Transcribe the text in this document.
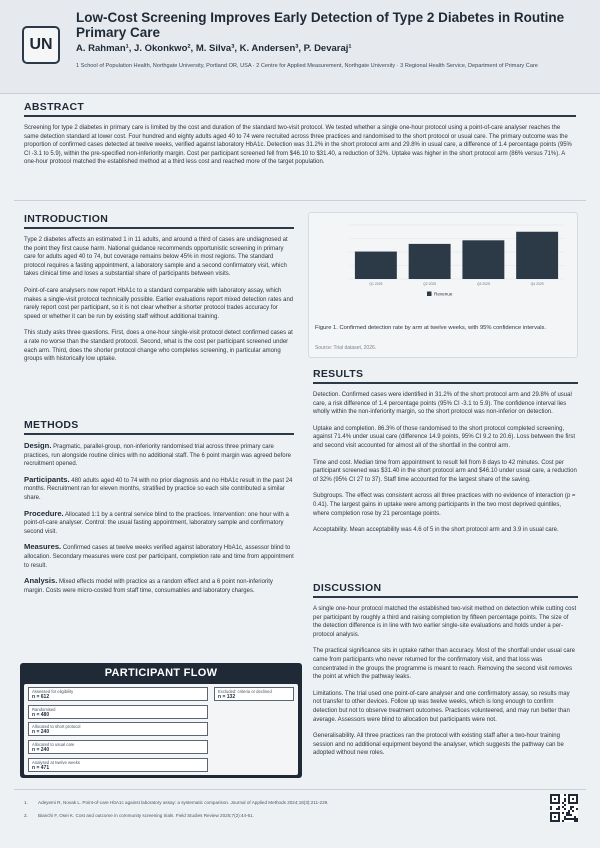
UN
Low-Cost Screening Improves Early Detection of Type 2 Diabetes in Routine Primary Care
A. Rahman¹, J. Okonkwo², M. Silva³, K. Andersen³, P. Devaraj¹
1 School of Population Health, Northgate University, Portland OR, USA · 2 Centre for Applied Measurement, Northgate University · 3 Regional Health Service, Department of Primary Care
ABSTRACT
Screening for type 2 diabetes in primary care is limited by the cost and duration of the standard two-visit protocol. We tested whether a single one-hour protocol using a point-of-care analyser reaches the same detection standard at lower cost. Four hundred and eighty adults aged 40 to 74 were recruited across three practices and randomised to the short protocol or usual care. The primary outcome was the proportion of confirmed cases detected at twelve weeks, verified against laboratory HbA1c. Detection was 31.2% in the short protocol arm and 29.8% in usual care, a difference of 1.4 percentage points (95% CI -3.1 to 5.9), within the pre-specified non-inferiority margin. Cost per participant screened fell from $46.10 to $31.40, a reduction of 32%. Uptake was higher in the short protocol arm (86% versus 71%). A one-hour protocol matched the established method at a third less cost and reached more of the target population.
INTRODUCTION
Type 2 diabetes affects an estimated 1 in 11 adults, and around a third of cases are undiagnosed at the point they first cause harm. National guidance recommends opportunistic screening in primary care for adults aged 40 to 74, but coverage remains below 45% in most regions. The standard protocol requires a fasting appointment, a laboratory sample and a second confirmatory visit, which takes clinical time and loses a substantial share of participants between visits.
Point-of-care analysers now report HbA1c to a standard comparable with laboratory assay, which makes a single-visit protocol technically possible. Earlier evaluations report mixed detection rates and rarely report cost per participant, so it is not clear whether a shorter protocol trades accuracy for speed or whether it can be run by existing staff without additional training.
This study asks three questions. First, does a one-hour single-visit protocol detect confirmed cases at a rate no worse than the standard protocol. Second, what is the cost per participant screened under each arm. Third, does the shorter protocol change who completes screening, in particular among groups with historically low uptake.
METHODS
Design. Pragmatic, parallel-group, non-inferiority randomised trial across three primary care practices, run alongside routine clinics with no additional staff. The 6 point margin was agreed before recruitment opened.
Participants. 480 adults aged 40 to 74 with no prior diagnosis and no HbA1c result in the past 24 months. Recruitment ran for eleven months, stratified by practice so each site contributed a similar share.
Procedure. Allocated 1:1 by a central service blind to the practices. Intervention: one hour with a point-of-care analyser. Control: the usual fasting appointment, laboratory sample and confirmatory second visit.
Measures. Confirmed cases at twelve weeks verified against laboratory HbA1c, assessor blind to allocation. Secondary measures were cost per participant, completion rate and time from appointment to result.
Analysis. Mixed effects model with practice as a random effect and a 6 point non-inferiority margin. Costs were micro-costed from staff time, consumables and laboratory charges.
Q1 2025	Q2 2025	Q3 2025	Q4 2025
Revenue
Figure 1. Confirmed detection rate by arm at twelve weeks, with 95% confidence intervals.
Source: Trial dataset, 2026.
RESULTS
Detection. Confirmed cases were identified in 31.2% of the short protocol arm and 29.8% of usual care, a risk difference of 1.4 percentage points (95% CI -3.1 to 5.9). The confidence interval lies wholly within the non-inferiority margin, so the short protocol was non-inferior on detection.
Uptake and completion. 86.3% of those randomised to the short protocol completed screening, against 71.4% under usual care (difference 14.9 points, 95% CI 9.2 to 20.6). Loss between the first and second visit accounted for almost all of the shortfall in the control arm.
Time and cost. Median time from appointment to result fell from 8 days to 42 minutes. Cost per participant screened was $31.40 in the short protocol arm and $46.10 under usual care, a reduction of 32% (95% CI 27 to 37). Staff time accounted for the largest share of the saving.
Subgroups. The effect was consistent across all three practices with no evidence of interaction (p = 0.41). The largest gains in uptake were among participants in the two most deprived quintiles, where completion rose by 21 percentage points.
Acceptability. Mean acceptability was 4.6 of 5 in the short protocol arm and 3.9 in usual care.
DISCUSSION
A single one-hour protocol matched the established two-visit method on detection while cutting cost per participant by roughly a third and raising completion by fifteen percentage points. The size of the detection difference is in line with two earlier single-site evaluations and holds under a per-protocol analysis.
The practical significance sits in uptake rather than accuracy. Most of the shortfall under usual care came from participants who never returned for the confirmatory visit, and that loss was concentrated in the groups the programme is meant to reach. Removing the second visit removes the point at which the pathway leaks.
Limitations. The trial used one point-of-care analyser and one confirmatory assay, so results may not transfer to other devices. Follow up was twelve weeks, which is long enough to confirm detection but not to observe treatment outcomes. Practices volunteered, and may run better than average. Assessors were blind to allocation but participants were not.
Generalisability. All three practices ran the protocol with existing staff after a two-hour training session and no additional equipment beyond the analyser, which suggests the pathway can be adopted without new roles.
PARTICIPANT FLOW
Assessed for eligibility
n = 612
Excluded: criteria or declined
n = 132
Randomised
n = 480
Allocated to short protocol
n = 240
Allocated to usual care
n = 240
Analysed at twelve weeks
n = 471
1.	Adeyemi R, Novak L. Point-of-care HbA1c against laboratory assay: a systematic comparison. Journal of Applied Methods 2024;18(3):211-229.
2.	Bianchi F, Osei K. Cost and outcome in community screening trials. Field Studies Review 2025;7(2):44-61.
